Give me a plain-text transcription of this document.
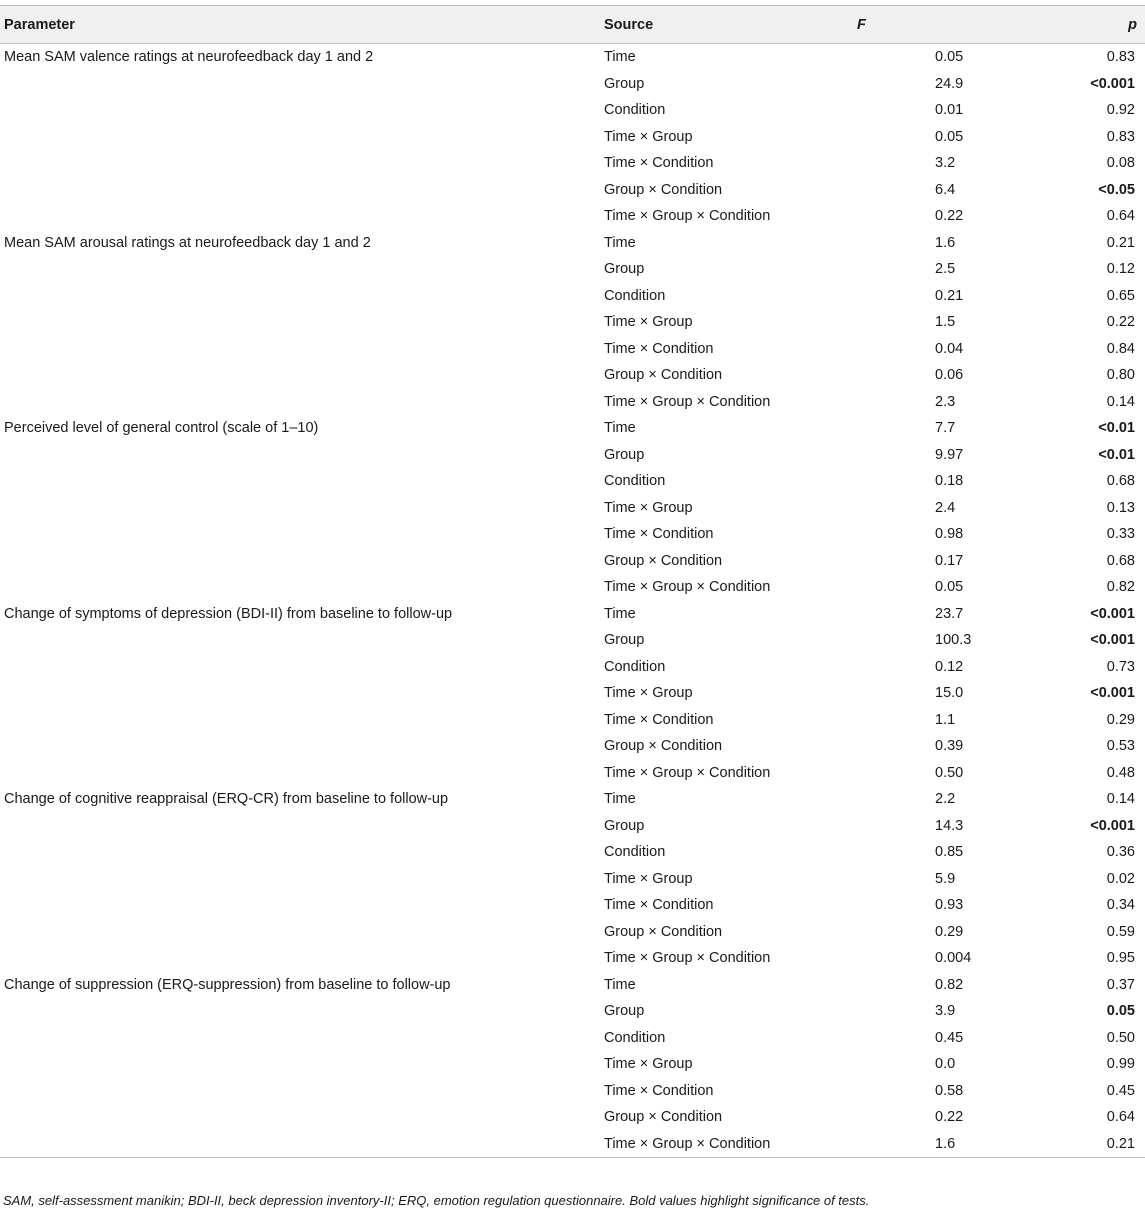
Parameter	Source	F	p
Mean SAM valence ratings at neurofeedback day 1 and 2	Time	0.05	0.83
	Group	24.9	<0.001
	Condition	0.01	0.92
	Time × Group	0.05	0.83
	Time × Condition	3.2	0.08
	Group × Condition	6.4	<0.05
	Time × Group × Condition	0.22	0.64
Mean SAM arousal ratings at neurofeedback day 1 and 2	Time	1.6	0.21
	Group	2.5	0.12
	Condition	0.21	0.65
	Time × Group	1.5	0.22
	Time × Condition	0.04	0.84
	Group × Condition	0.06	0.80
	Time × Group × Condition	2.3	0.14
Perceived level of general control (scale of 1–10)	Time	7.7	<0.01
	Group	9.97	<0.01
	Condition	0.18	0.68
	Time × Group	2.4	0.13
	Time × Condition	0.98	0.33
	Group × Condition	0.17	0.68
	Time × Group × Condition	0.05	0.82
Change of symptoms of depression (BDI-II) from baseline to follow-up	Time	23.7	<0.001
	Group	100.3	<0.001
	Condition	0.12	0.73
	Time × Group	15.0	<0.001
	Time × Condition	1.1	0.29
	Group × Condition	0.39	0.53
	Time × Group × Condition	0.50	0.48
Change of cognitive reappraisal (ERQ-CR) from baseline to follow-up	Time	2.2	0.14
	Group	14.3	<0.001
	Condition	0.85	0.36
	Time × Group	5.9	0.02
	Time × Condition	0.93	0.34
	Group × Condition	0.29	0.59
	Time × Group × Condition	0.004	0.95
Change of suppression (ERQ-suppression) from baseline to follow-up	Time	0.82	0.37
	Group	3.9	0.05
	Condition	0.45	0.50
	Time × Group	0.0	0.99
	Time × Condition	0.58	0.45
	Group × Condition	0.22	0.64
	Time × Group × Condition	1.6	0.21
SAM, self-assessment manikin; BDI-II, beck depression inventory-II; ERQ, emotion regulation questionnaire. Bold values highlight significance of tests.
